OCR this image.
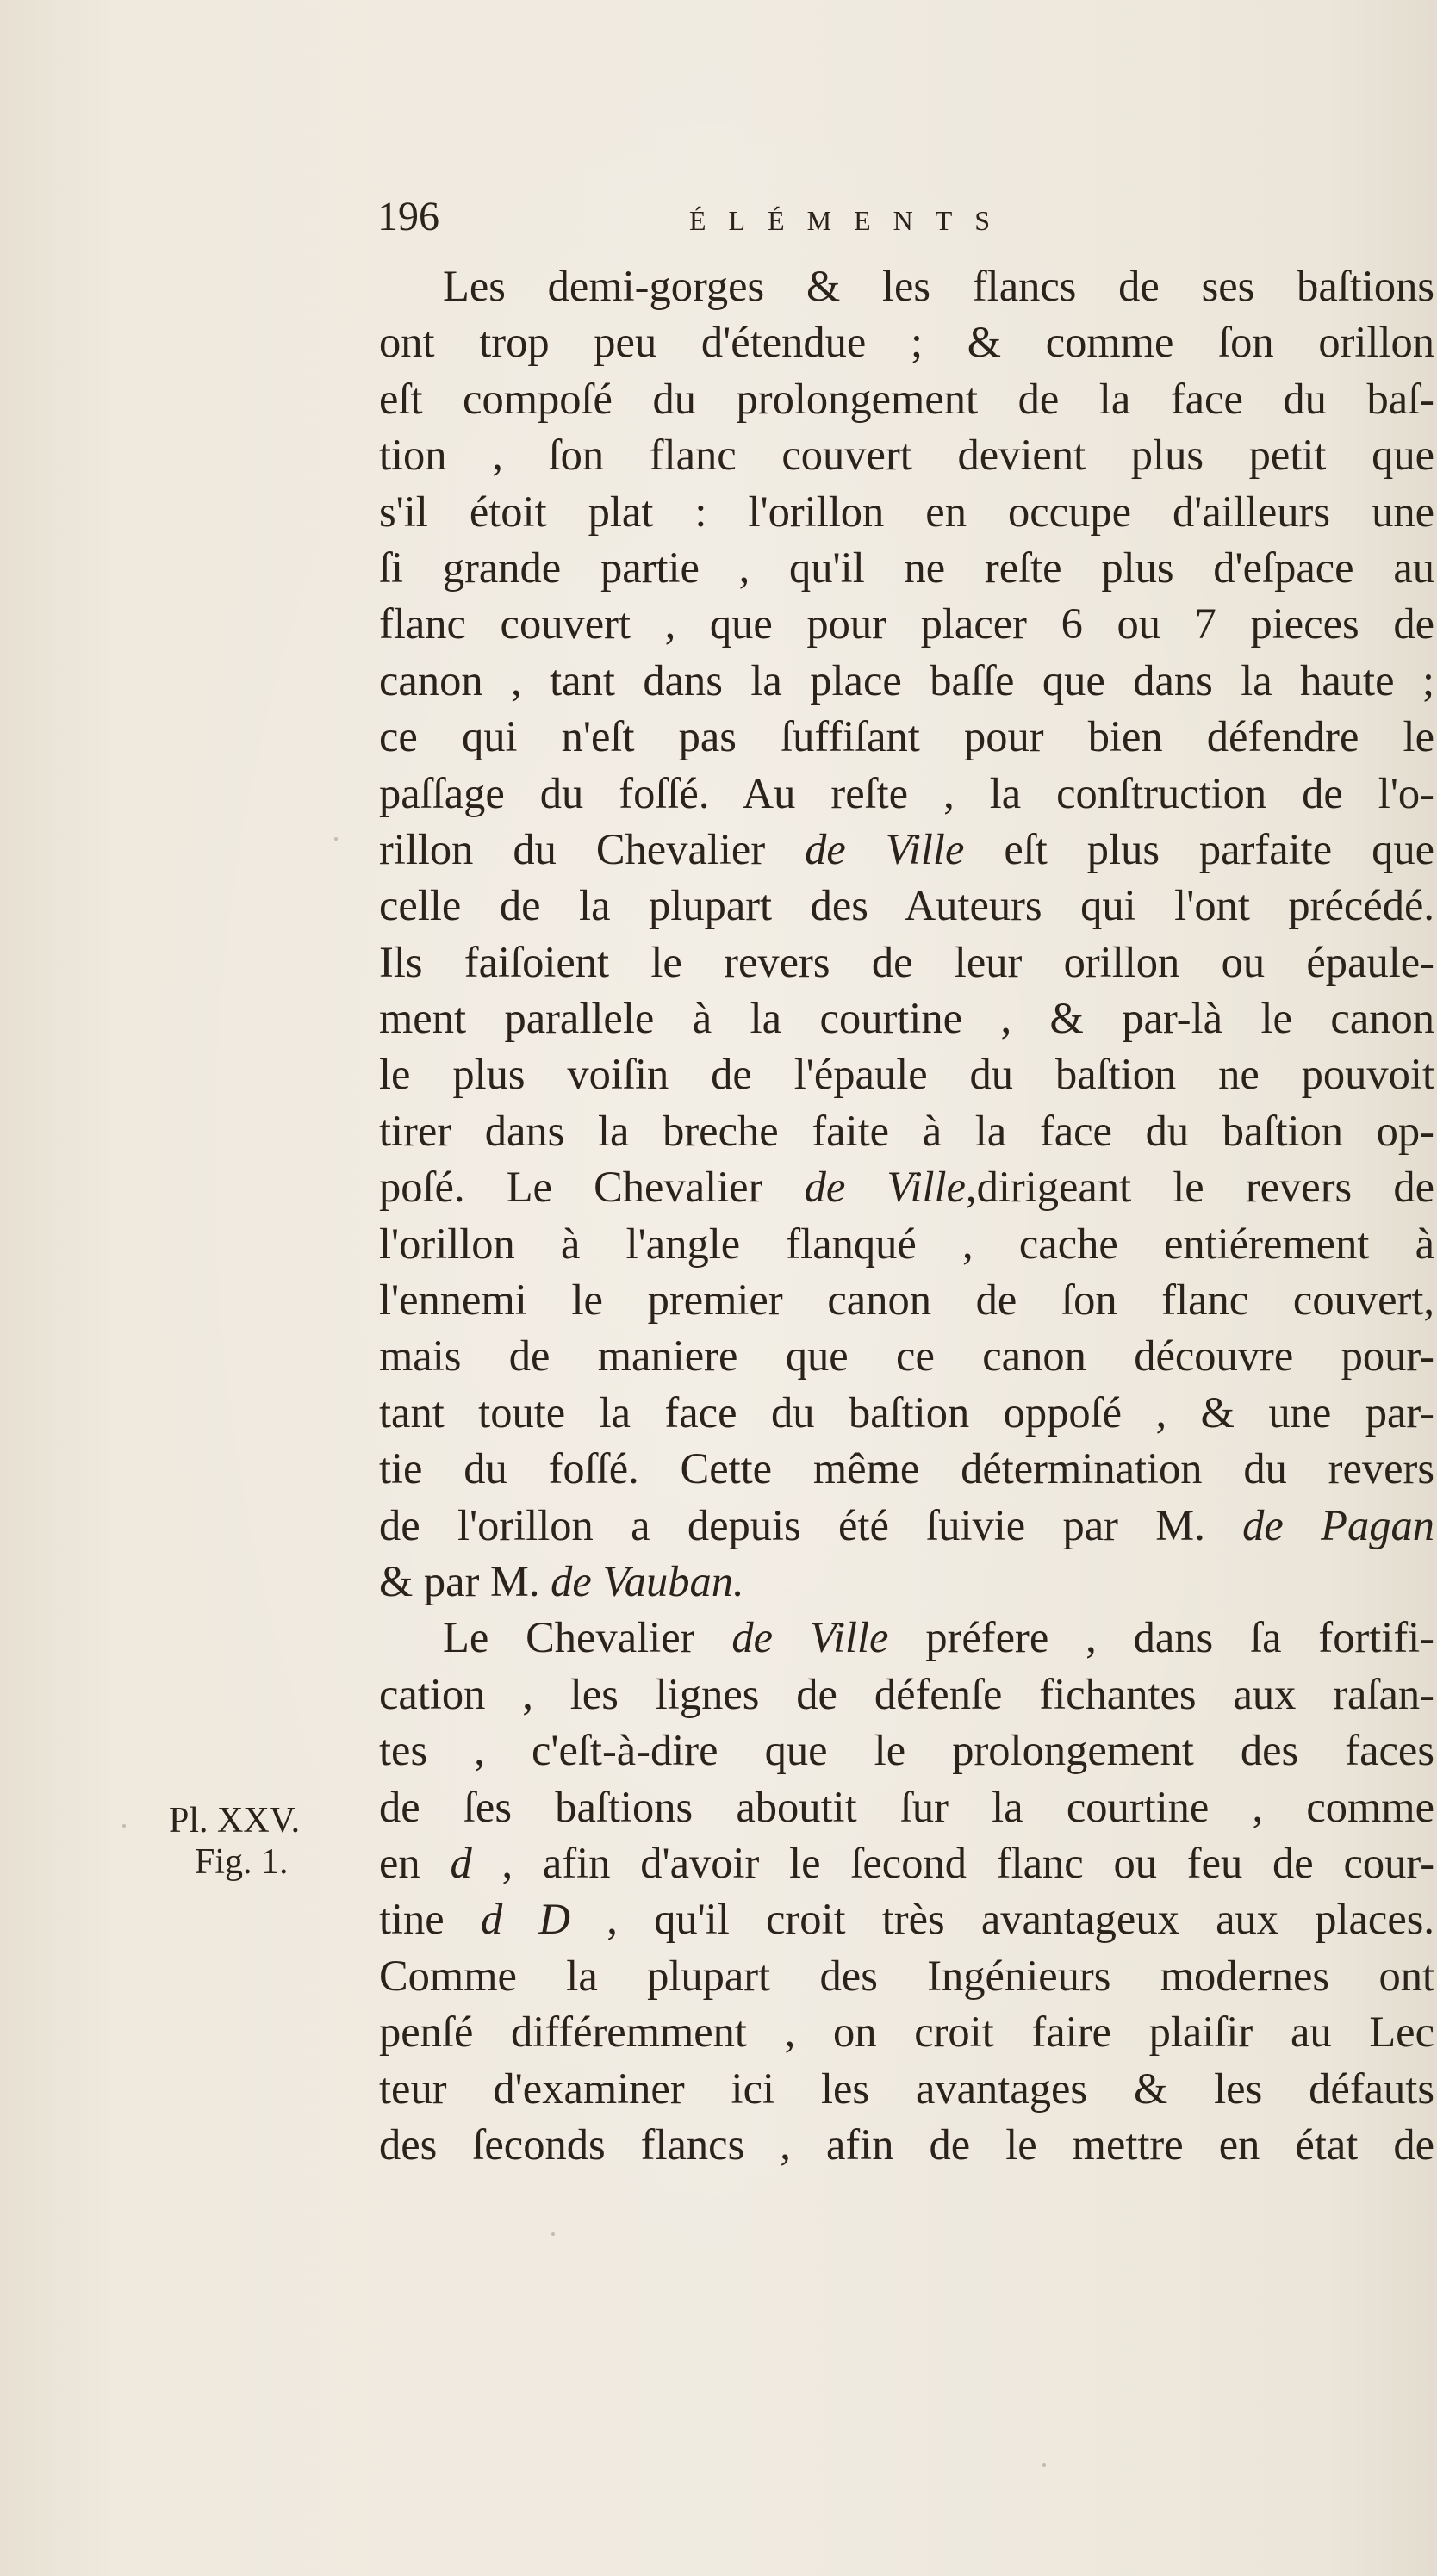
196	ÉLÉMENTS
Pl. XXV.
Fig. 1.
Les demi-gorges & les flancs de ses baſtions
ont trop peu d'étendue ; & comme ſon orillon
eſt compoſé du prolongement de la face du baſ-
tion , ſon flanc couvert devient plus petit que
s'il étoit plat : l'orillon en occupe d'ailleurs une
ſi grande partie , qu'il ne reſte plus d'eſpace au
flanc couvert , que pour placer 6 ou 7 pieces de
canon , tant dans la place baſſe que dans la haute ;
ce qui n'eſt pas ſuffiſant pour bien défendre le
paſſage du foſſé. Au reſte , la conſtruction de l'o-
rillon du Chevalier de Ville eſt plus parfaite que
celle de la plupart des Auteurs qui l'ont précédé.
Ils faiſoient le revers de leur orillon ou épaule-
ment parallele à la courtine , & par-là le canon
le plus voiſin de l'épaule du baſtion ne pouvoit
tirer dans la breche faite à la face du baſtion op-
poſé. Le Chevalier de Ville,dirigeant le revers de
l'orillon à l'angle flanqué , cache entiérement à
l'ennemi le premier canon de ſon flanc couvert,
mais de maniere que ce canon découvre pour-
tant toute la face du baſtion oppoſé , & une par-
tie du foſſé. Cette même détermination du revers
de l'orillon a depuis été ſuivie par M. de Pagan
& par M. de Vauban.
Le Chevalier de Ville préfere , dans ſa fortifi-
cation , les lignes de défenſe fichantes aux raſan-
tes , c'eſt-à-dire que le prolongement des faces
de ſes baſtions aboutit ſur la courtine , comme
en d , afin d'avoir le ſecond flanc ou feu de cour-
tine d D , qu'il croit très avantageux aux places.
Comme la plupart des Ingénieurs modernes ont
penſé différemment , on croit faire plaiſir au Lec
teur d'examiner ici les avantages & les défauts
des ſeconds flancs , afin de le mettre en état de
